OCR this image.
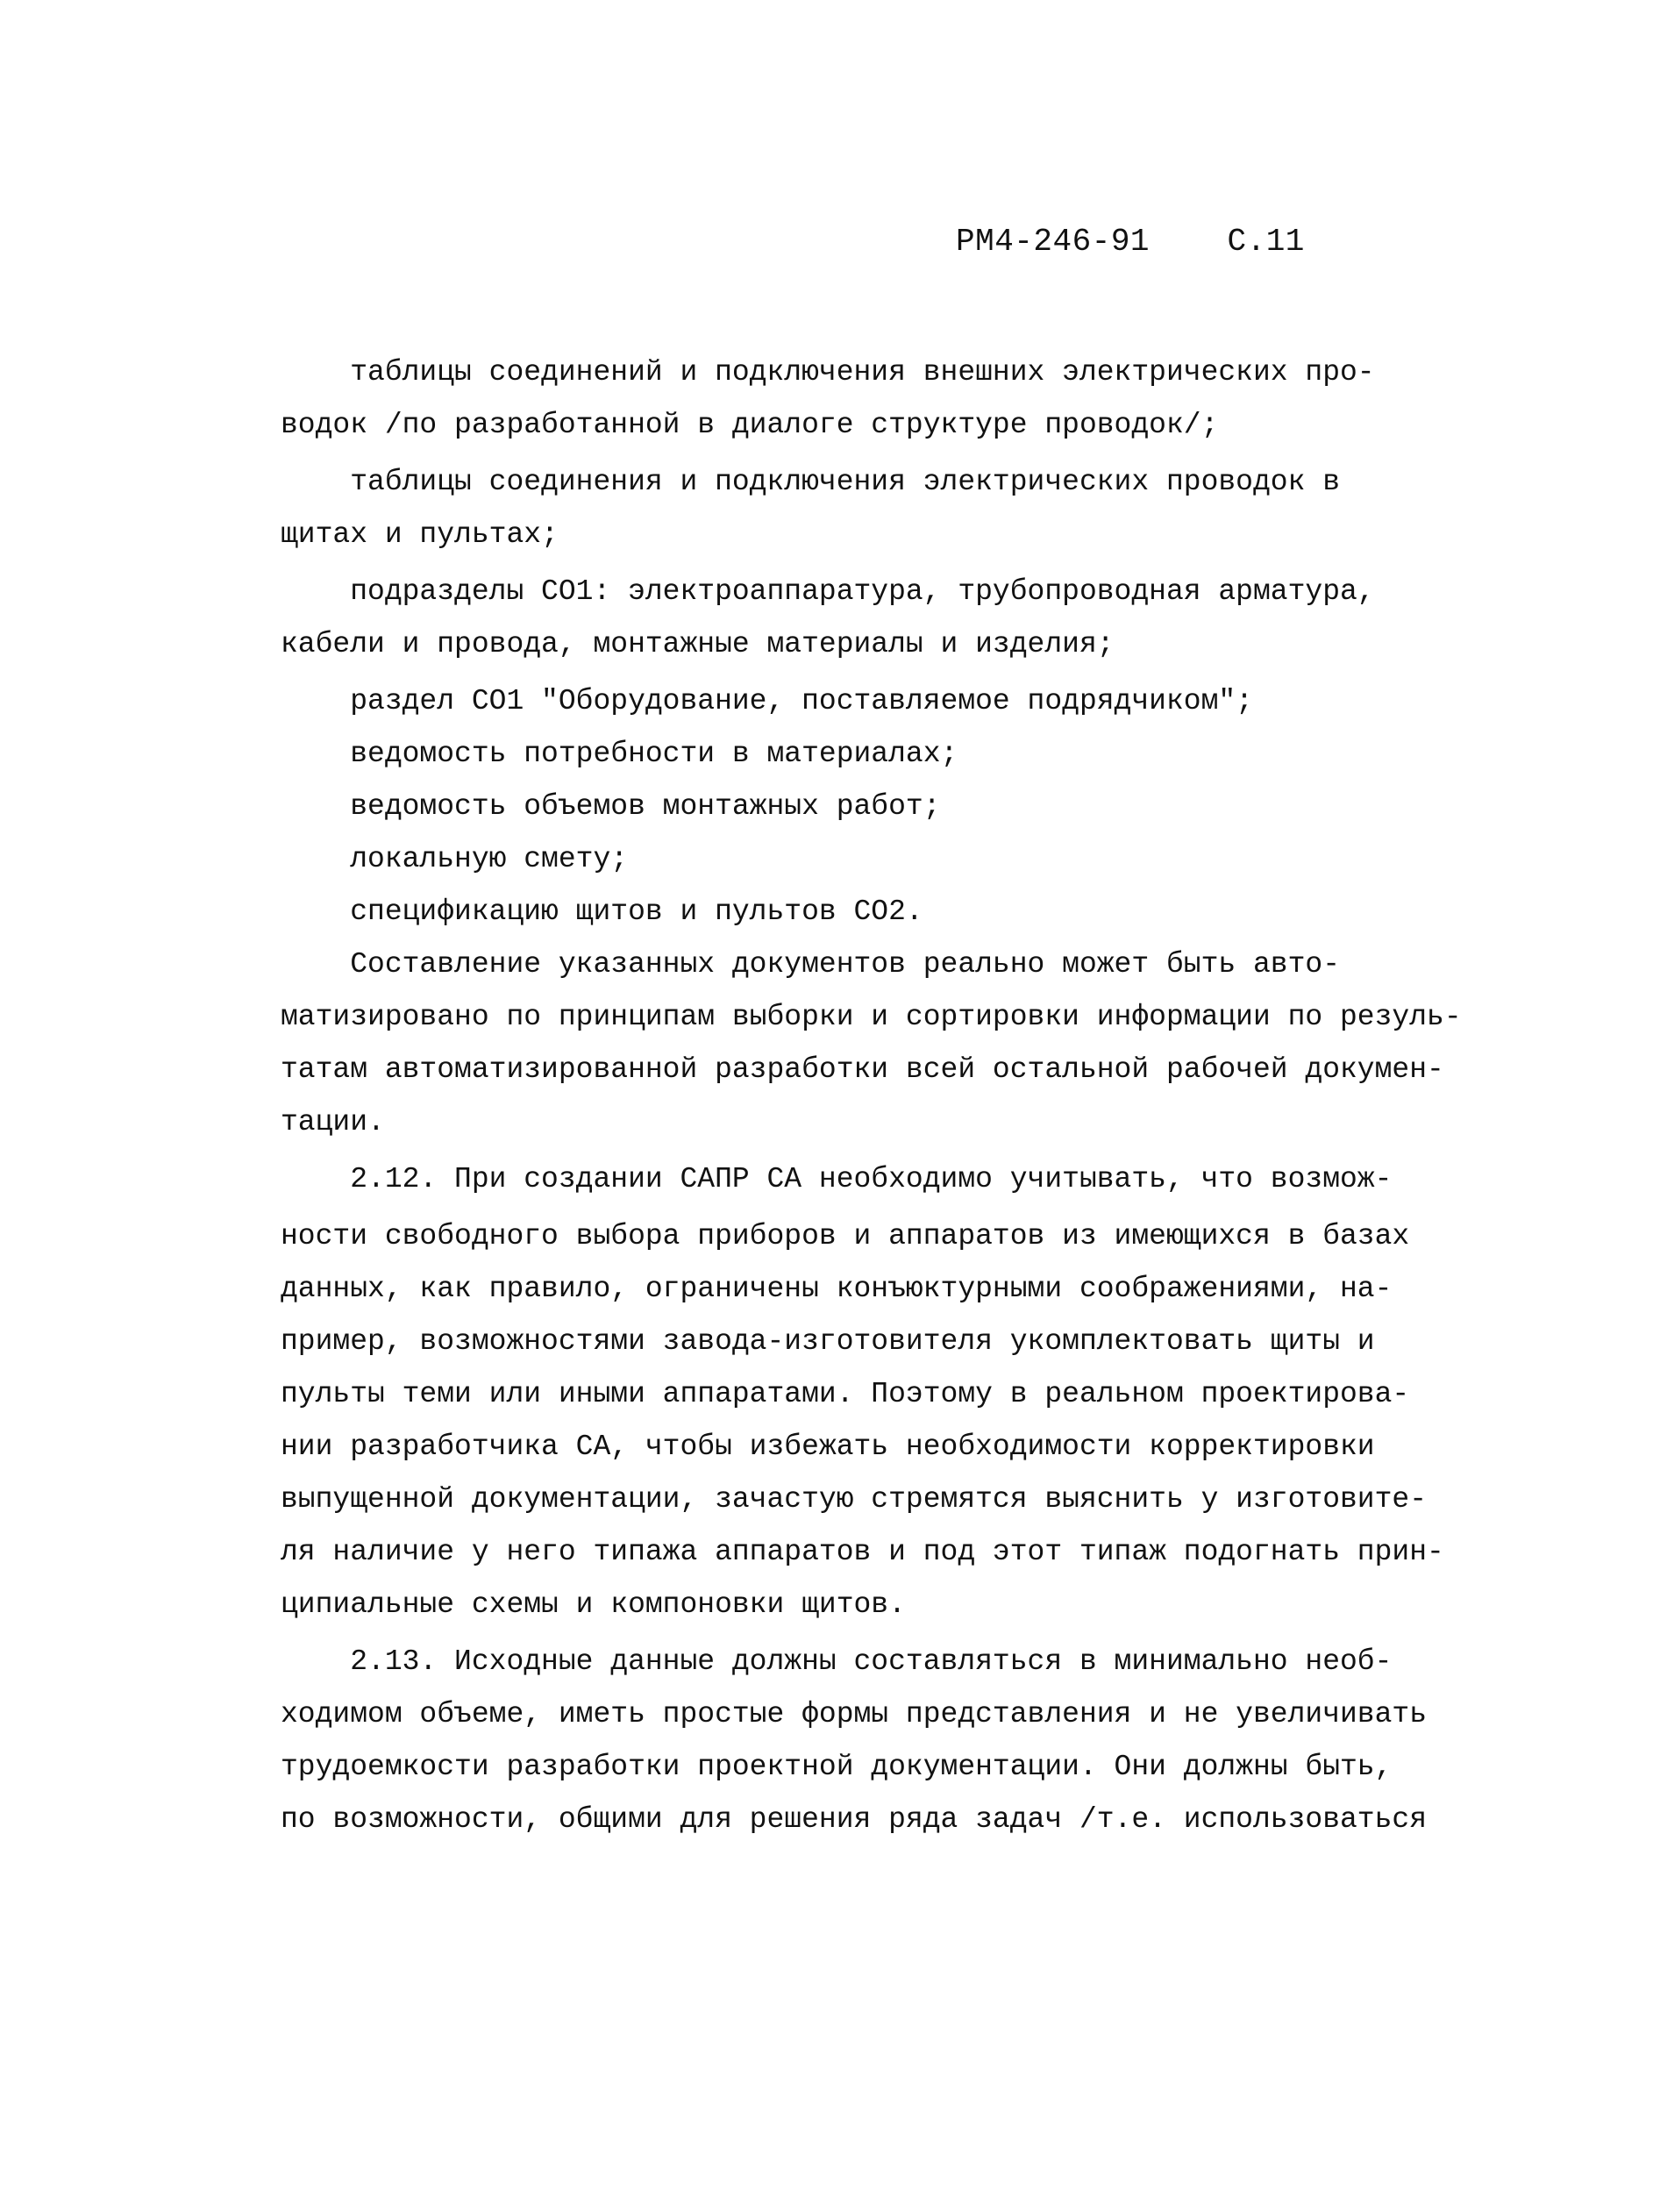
РМ4-246-91 С.11
таблицы соединений и подключения внешних электрических про-
водок /по разработанной в диалоге структуре проводок/;
таблицы соединения и подключения электрических проводок в
щитах и пультах;
подразделы СО1: электроаппаратура, трубопроводная арматура,
кабели и провода, монтажные материалы и изделия;
раздел СО1 "Оборудование, поставляемое подрядчиком";
ведомость потребности в материалах;
ведомость объемов монтажных работ;
локальную смету;
спецификацию щитов и пультов СО2.
Составление указанных документов реально может быть авто-
матизировано по принципам выборки и сортировки информации по резуль-
татам автоматизированной разработки всей остальной рабочей докумен-
тации.
2.12. При создании САПР СА необходимо учитывать, что возмож-
ности свободного выбора приборов и аппаратов из имеющихся в базах
данных, как правило, ограничены конъюктурными соображениями, на-
пример, возможностями завода-изготовителя укомплектовать щиты и
пульты теми или иными аппаратами. Поэтому в реальном проектирова-
нии разработчика СА, чтобы избежать необходимости корректировки
выпущенной документации, зачастую стремятся выяснить у изготовите-
ля наличие у него типажа аппаратов и под этот типаж подогнать прин-
ципиальные схемы и компоновки щитов.
2.13. Исходные данные должны составляться в минимально необ-
ходимом объеме, иметь простые формы представления и не увеличивать
трудоемкости разработки проектной документации. Они должны быть,
по возможности, общими для решения ряда задач /т.е. использоваться
